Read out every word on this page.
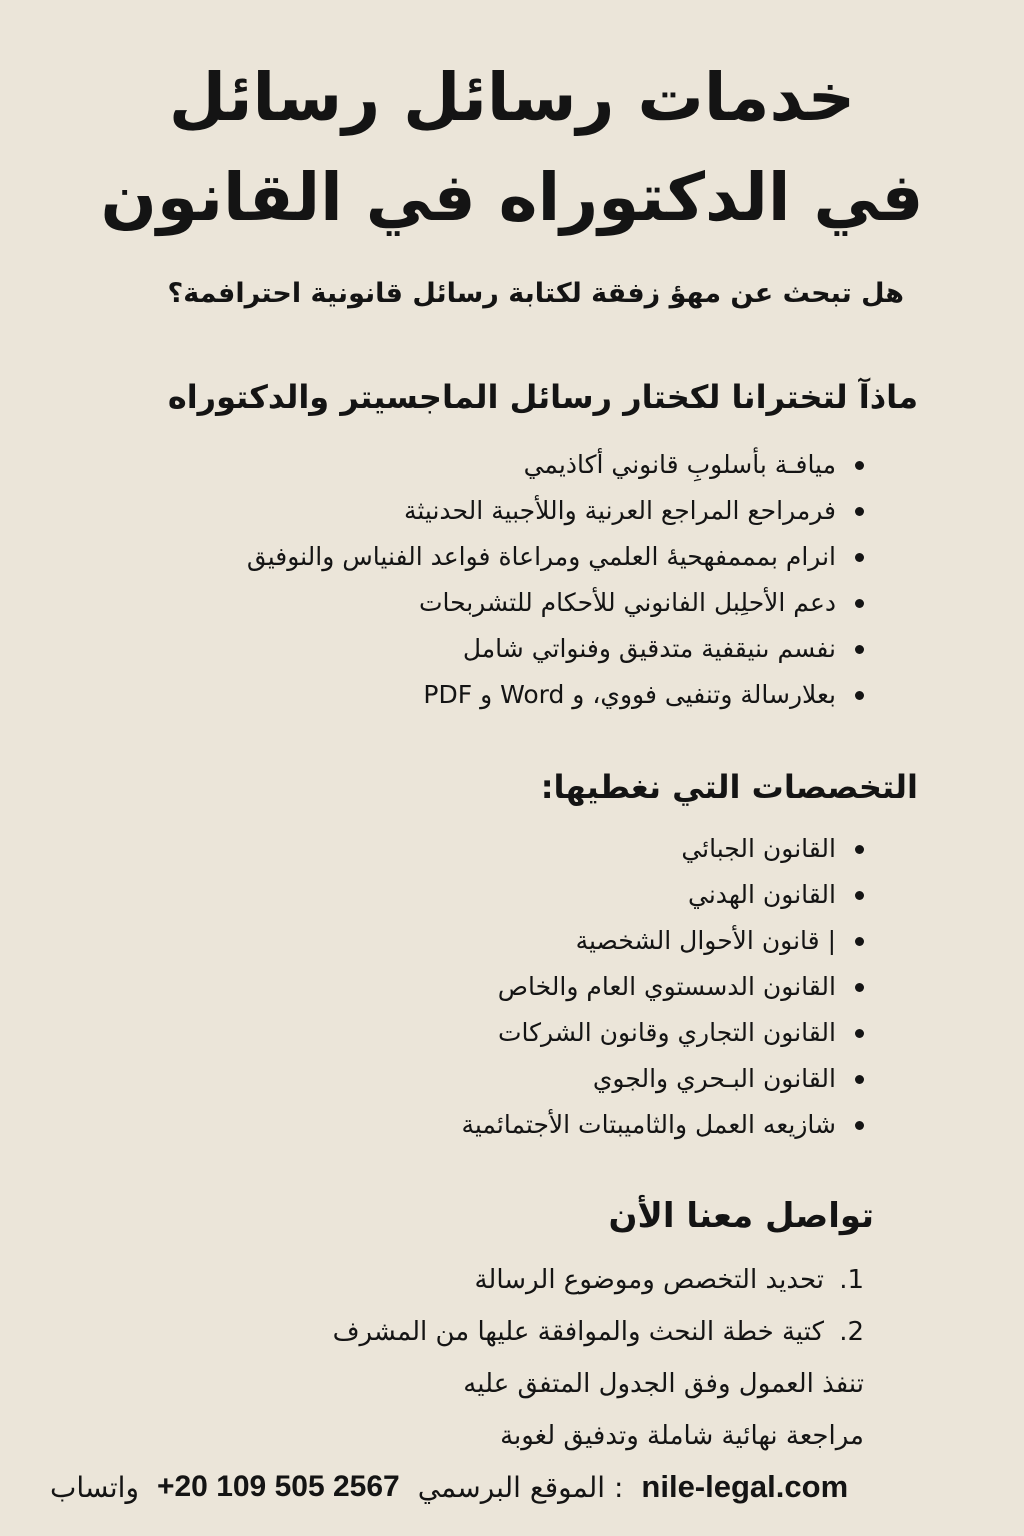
خدمات رسائل رسائل
في الدكتوراه في القانون

هل تبحث عن مهؤ زفقة لكتابة رسائل قانونية احترافمة؟

ماذآ لتخترانا لكختار رسائل الماجسيتر والدكتوراه
ميافـة بأسلوبِ قانوني أكاذيمي
فرمراحع المراجع العرنية واللأجبية الحدنيثة
انرام بمممفهحيهٔ العلمي ومراعاة فواعد الفنياس والنوفيق
دعم الأحلِبل الفانوني للأحكام للتشربحات
نفسم ىنيقفية متدقيق وفنواتي شامل
بعلارسالة وتنفيى فووي، و Word و PDF
التخصصات التي نغطيها:
القانون الجبائي
القانون الهدني
| قانون الأحوال الشخصية
القانون الدسستوي العام والخاص
القانون التجاري وقانون الشركات
القانون البـحري والجوي
شازيعه العمل والثاميبتات الأجتمائمية
تواصل معنا الأن
1.تحديد التخصص وموضوع الرسالة
2.كتية خطة النحث والموافقة عليها من المشرف
تنفذ العمول وفق الجدول المتفق عليه
مراجعة نهائية شاملة وتدفيق لغوبة
واتساب +20 109 505 2567 : الموقع البرسمي nile-legal.com
